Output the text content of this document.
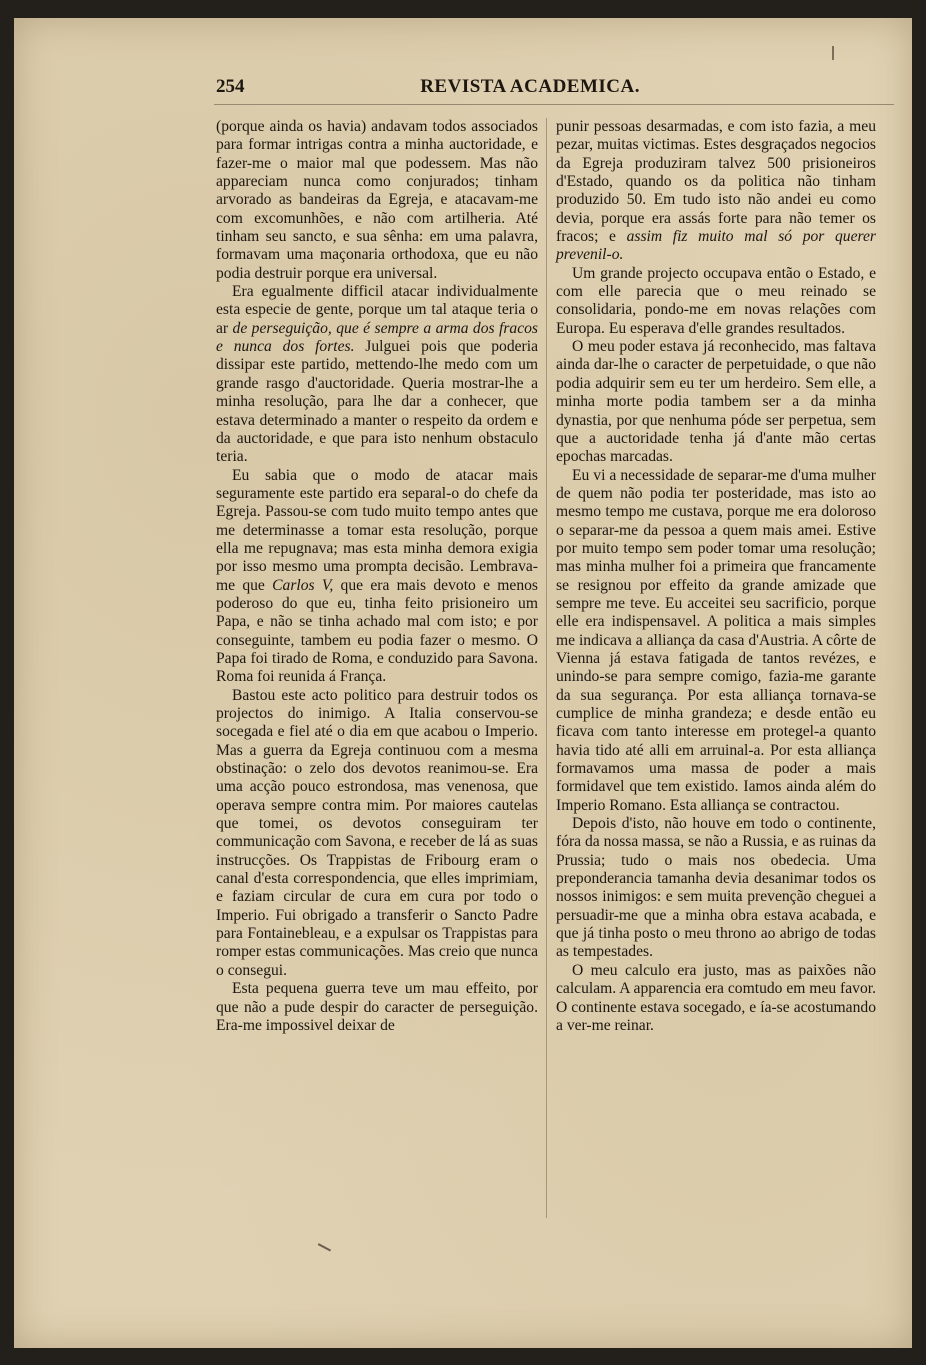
254	REVISTA ACADEMICA.

(porque ainda os havia) andavam todos associados para formar intrigas contra a minha auctoridade, e fazer-me o maior mal que podessem. Mas não appareciam nunca como conjurados; tinham arvorado as bandeiras da Egreja, e atacavam-me com excomunhões, e não com artilheria. Até tinham seu sancto, e sua sênha: em uma palavra, formavam uma maçonaria orthodoxa, que eu não podia destruir porque era universal.

Era egualmente difficil atacar individualmente esta especie de gente, porque um tal ataque teria o ar de perseguição, que é sempre a arma dos fracos e nunca dos fortes. Julguei pois que poderia dissipar este partido, mettendo-lhe medo com um grande rasgo d'auctoridade. Queria mostrar-lhe a minha resolução, para lhe dar a conhecer, que estava determinado a manter o respeito da ordem e da auctoridade, e que para isto nenhum obstaculo teria.

Eu sabia que o modo de atacar mais seguramente este partido era separal-o do chefe da Egreja. Passou-se com tudo muito tempo antes que me determinasse a tomar esta resolução, porque ella me repugnava; mas esta minha demora exigia por isso mesmo uma prompta decisão. Lembrava-me que Carlos V, que era mais devoto e menos poderoso do que eu, tinha feito prisioneiro um Papa, e não se tinha achado mal com isto; e por conseguinte, tambem eu podia fazer o mesmo. O Papa foi tirado de Roma, e conduzido para Savona. Roma foi reunida á França.

Bastou este acto politico para destruir todos os projectos do inimigo. A Italia conservou-se socegada e fiel até o dia em que acabou o Imperio. Mas a guerra da Egreja continuou com a mesma obstinação: o zelo dos devotos reanimou-se. Era uma acção pouco estrondosa, mas venenosa, que operava sempre contra mim. Por maiores cautelas que tomei, os devotos conseguiram ter communicação com Savona, e receber de lá as suas instrucções. Os Trappistas de Fribourg eram o canal d'esta correspondencia, que elles imprimiam, e faziam circular de cura em cura por todo o Imperio. Fui obrigado a transferir o Sancto Padre para Fontainebleau, e a expulsar os Trappistas para romper estas communicações. Mas creio que nunca o consegui.

Esta pequena guerra teve um mau effeito, por que não a pude despir do caracter de perseguição. Era-me impossivel deixar de

punir pessoas desarmadas, e com isto fazia, a meu pezar, muitas victimas. Estes desgraçados negocios da Egreja produziram talvez 500 prisioneiros d'Estado, quando os da politica não tinham produzido 50. Em tudo isto não andei eu como devia, porque era assás forte para não temer os fracos; e assim fiz muito mal só por querer prevenil-o.

Um grande projecto occupava então o Estado, e com elle parecia que o meu reinado se consolidaria, pondo-me em novas relações com Europa. Eu esperava d'elle grandes resultados.

O meu poder estava já reconhecido, mas faltava ainda dar-lhe o caracter de perpetuidade, o que não podia adquirir sem eu ter um herdeiro. Sem elle, a minha morte podia tambem ser a da minha dynastia, por que nenhuma póde ser perpetua, sem que a auctoridade tenha já d'ante mão certas epochas marcadas.

Eu vi a necessidade de separar-me d'uma mulher de quem não podia ter posteridade, mas isto ao mesmo tempo me custava, porque me era doloroso o separar-me da pessoa a quem mais amei. Estive por muito tempo sem poder tomar uma resolução; mas minha mulher foi a primeira que francamente se resignou por effeito da grande amizade que sempre me teve. Eu acceitei seu sacrificio, porque elle era indispensavel. A politica a mais simples me indicava a alliança da casa d'Austria. A côrte de Vienna já estava fatigada de tantos revézes, e unindo-se para sempre comigo, fazia-me garante da sua segurança. Por esta alliança tornava-se cumplice de minha grandeza; e desde então eu ficava com tanto interesse em protegel-a quanto havia tido até alli em arruinal-a. Por esta alliança formavamos uma massa de poder a mais formidavel que tem existido. Iamos ainda além do Imperio Romano. Esta alliança se contractou.

Depois d'isto, não houve em todo o continente, fóra da nossa massa, se não a Russia, e as ruinas da Prussia; tudo o mais nos obedecia. Uma preponderancia tamanha devia desanimar todos os nossos inimigos: e sem muita prevenção cheguei a persuadir-me que a minha obra estava acabada, e que já tinha posto o meu throno ao abrigo de todas as tempestades.

O meu calculo era justo, mas as paixões não calculam. A apparencia era comtudo em meu favor. O continente estava socegado, e ía-se acostumando a ver-me reinar.
